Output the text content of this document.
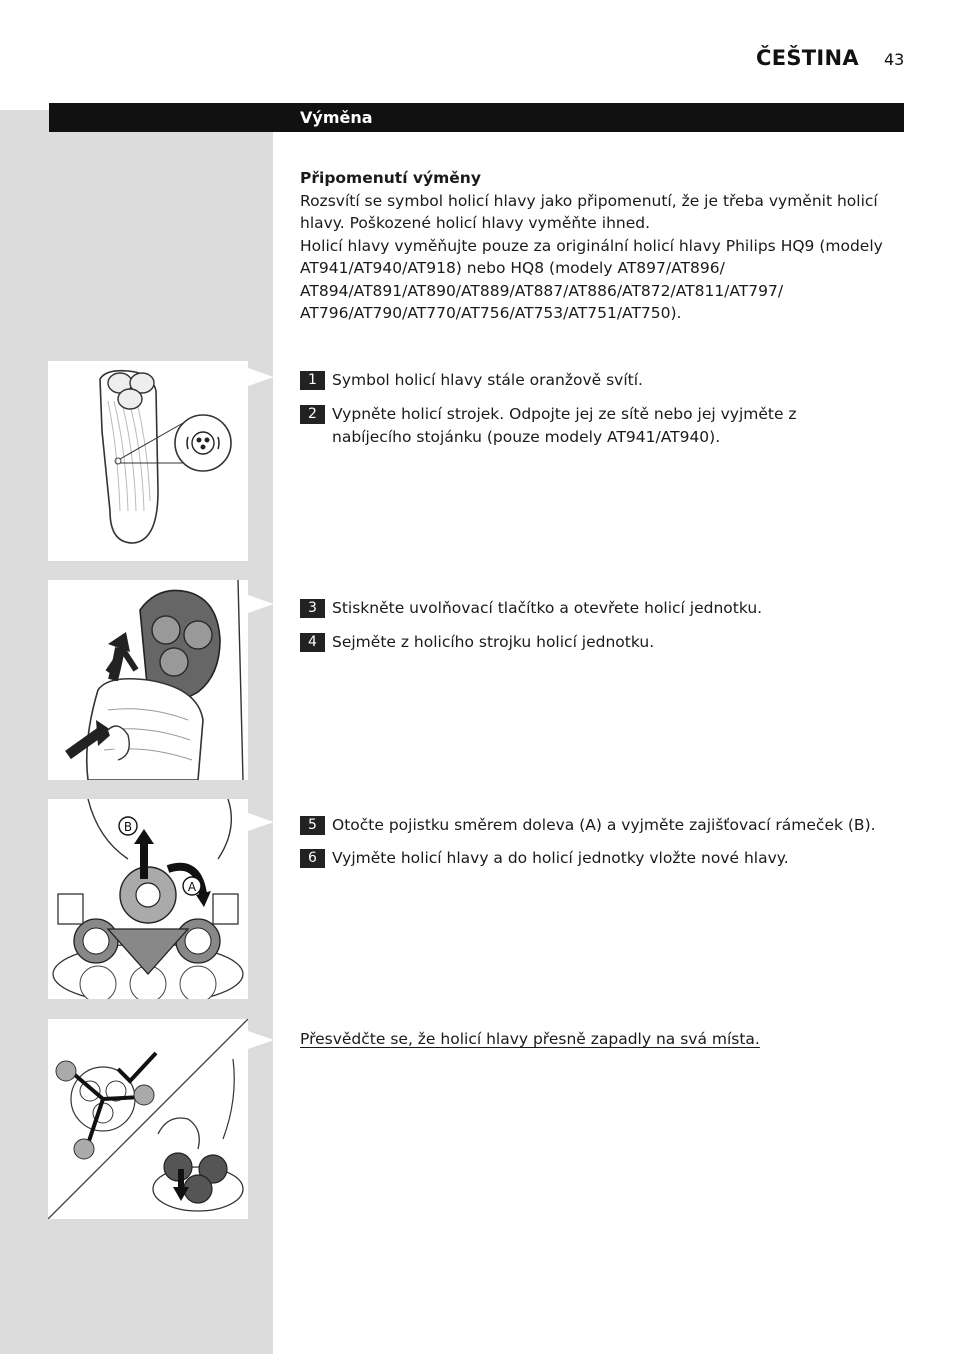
ČEŠTINA 43
Výměna
Připomenutí výměny
Rozsvítí se symbol holicí hlavy jako připomenutí, že je třeba vyměnit holicí hlavy. Poškozené holicí hlavy vyměňte ihned.
Holicí hlavy vyměňujte pouze za originální holicí hlavy Philips HQ9 (modely AT941/AT940/AT918) nebo HQ8 (modely AT897/AT896/ AT894/AT891/AT890/AT889/AT887/AT886/AT872/AT811/AT797/ AT796/AT790/AT770/AT756/AT753/AT751/AT750).
B
A
1 Symbol holicí hlavy stále oranžově svítí.
2 Vypněte holicí strojek. Odpojte jej ze sítě nebo jej vyjměte z nabíjecího stojánku (pouze modely AT941/AT940).
3 Stiskněte uvolňovací tlačítko a otevřete holicí jednotku.
4 Sejměte z holicího strojku holicí jednotku.
5 Otočte pojistku směrem doleva (A) a vyjměte zajišťovací rámeček (B).
6 Vyjměte holicí hlavy a do holicí jednotky vložte nové hlavy.
Přesvědčte se, že holicí hlavy přesně zapadly na svá místa.
